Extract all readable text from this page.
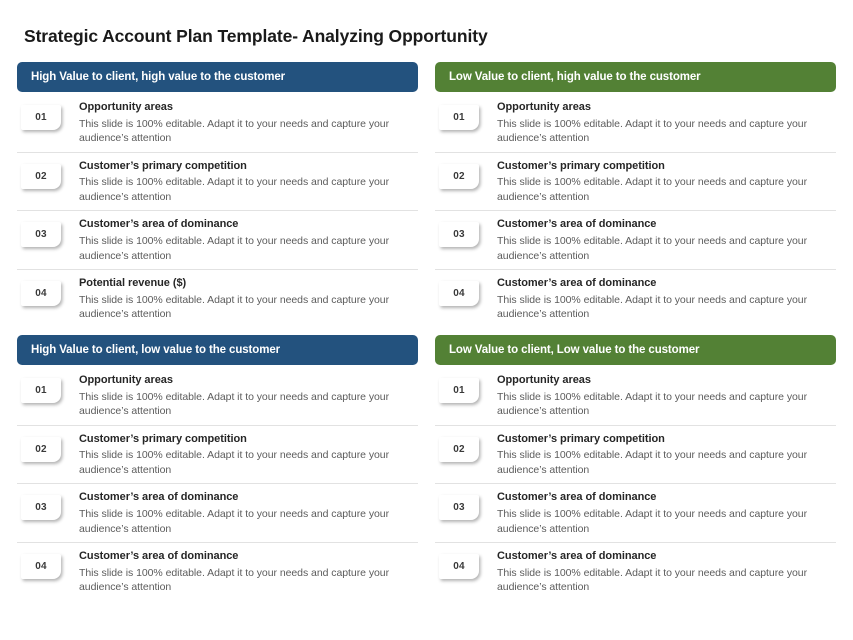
Strategic Account Plan Template- Analyzing Opportunity
High Value to client, high value to the customer
01
Opportunity areas
This slide is 100% editable. Adapt it to your needs and capture your audience’s attention
02
Customer’s primary competition
This slide is 100% editable. Adapt it to your needs and capture your audience’s attention
03
Customer’s area of dominance
This slide is 100% editable. Adapt it to your needs and capture your audience’s attention
04
Potential revenue ($)
This slide is 100% editable. Adapt it to your needs and capture your audience’s attention
Low Value to client, high value to the customer
01
Opportunity areas
This slide is 100% editable. Adapt it to your needs and capture your audience’s attention
02
Customer’s primary competition
This slide is 100% editable. Adapt it to your needs and capture your audience’s attention
03
Customer’s area of dominance
This slide is 100% editable. Adapt it to your needs and capture your audience’s attention
04
Customer’s area of dominance
This slide is 100% editable. Adapt it to your needs and capture your audience’s attention
High Value to client, low value to the customer
01
Opportunity areas
This slide is 100% editable. Adapt it to your needs and capture your audience’s attention
02
Customer’s primary competition
This slide is 100% editable. Adapt it to your needs and capture your audience’s attention
03
Customer’s area of dominance
This slide is 100% editable. Adapt it to your needs and capture your audience’s attention
04
Customer’s area of dominance
This slide is 100% editable. Adapt it to your needs and capture your audience’s attention
Low Value to client, Low value to the customer
01
Opportunity areas
This slide is 100% editable. Adapt it to your needs and capture your audience’s attention
02
Customer’s primary competition
This slide is 100% editable. Adapt it to your needs and capture your audience’s attention
03
Customer’s area of dominance
This slide is 100% editable. Adapt it to your needs and capture your audience’s attention
04
Customer’s area of dominance
This slide is 100% editable. Adapt it to your needs and capture your audience’s attention
